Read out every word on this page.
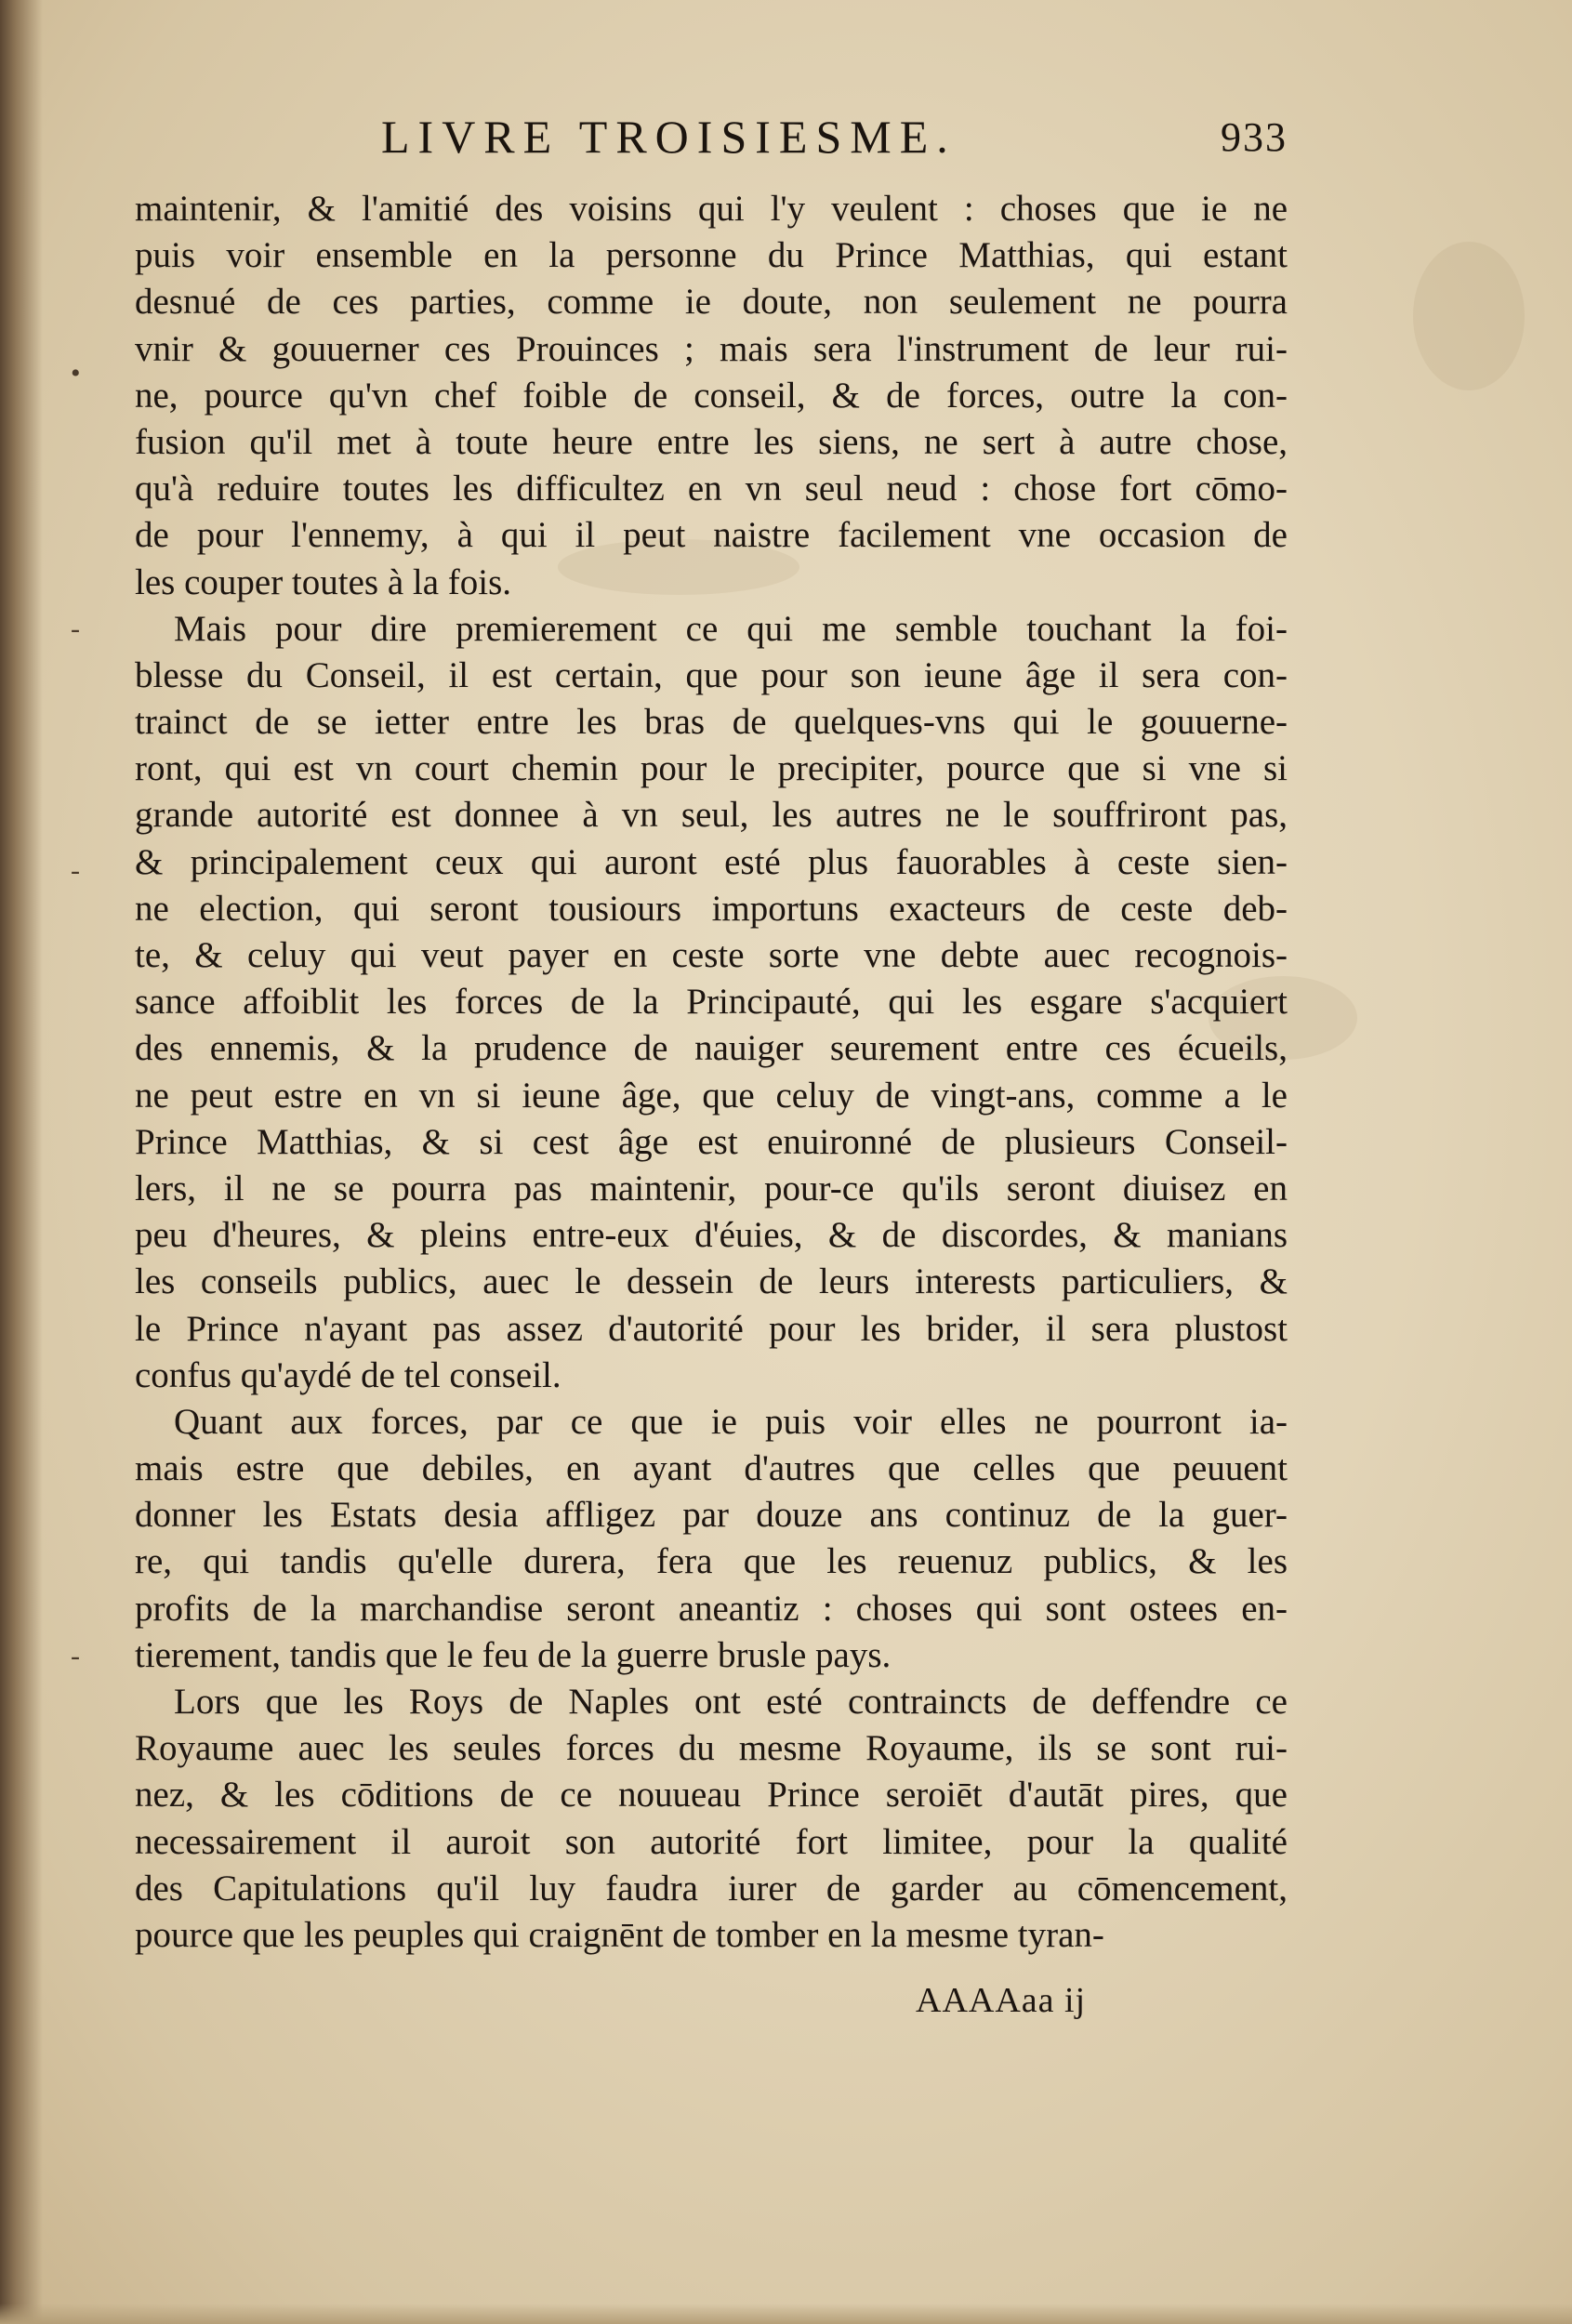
•
-
-
-
LIVRE TROISIESME.	933
maintenir, & l'amitié des voisins qui l'y veulent : choses que ie ne
puis voir ensemble en la personne du Prince Matthias, qui estant
desnué de ces parties, comme ie doute, non seulement ne pourra
vnir & gouuerner ces Prouinces ; mais sera l'instrument de leur rui-
ne, pource qu'vn chef foible de conseil, & de forces, outre la con-
fusion qu'il met à toute heure entre les siens, ne sert à autre chose,
qu'à reduire toutes les difficultez en vn seul neud : chose fort cōmo-
de pour l'ennemy, à qui il peut naistre facilement vne occasion de
les couper toutes à la fois.
Mais pour dire premierement ce qui me semble touchant la foi-
blesse du Conseil, il est certain, que pour son ieune âge il sera con-
trainct de se ietter entre les bras de quelques-vns qui le gouuerne-
ront, qui est vn court chemin pour le precipiter, pource que si vne si
grande autorité est donnee à vn seul, les autres ne le souffriront pas,
& principalement ceux qui auront esté plus fauorables à ceste sien-
ne election, qui seront tousiours importuns exacteurs de ceste deb-
te, & celuy qui veut payer en ceste sorte vne debte auec recognois-
sance affoiblit les forces de la Principauté, qui les esgare s'acquiert
des ennemis, & la prudence de nauiger seurement entre ces écueils,
ne peut estre en vn si ieune âge, que celuy de vingt-ans, comme a le
Prince Matthias, & si cest âge est enuironné de plusieurs Conseil-
lers, il ne se pourra pas maintenir, pour-ce qu'ils seront diuisez en
peu d'heures, & pleins entre-eux d'éuies, & de discordes, & manians
les conseils publics, auec le dessein de leurs interests particuliers, &
le Prince n'ayant pas assez d'autorité pour les brider, il sera plustost
confus qu'aydé de tel conseil.
Quant aux forces, par ce que ie puis voir elles ne pourront ia-
mais estre que debiles, en ayant d'autres que celles que peuuent
donner les Estats desia affligez par douze ans continuz de la guer-
re, qui tandis qu'elle durera, fera que les reuenuz publics, & les
profits de la marchandise seront aneantiz : choses qui sont ostees en-
tierement, tandis que le feu de la guerre brusle pays.
Lors que les Roys de Naples ont esté contraincts de deffendre ce
Royaume auec les seules forces du mesme Royaume, ils se sont rui-
nez, & les cōditions de ce nouueau Prince seroiēt d'autāt pires, que
necessairement il auroit son autorité fort limitee, pour la qualité
des Capitulations qu'il luy faudra iurer de garder au cōmencement,
pource que les peuples qui craignēnt de tomber en la mesme tyran-
AAAAaa ij
